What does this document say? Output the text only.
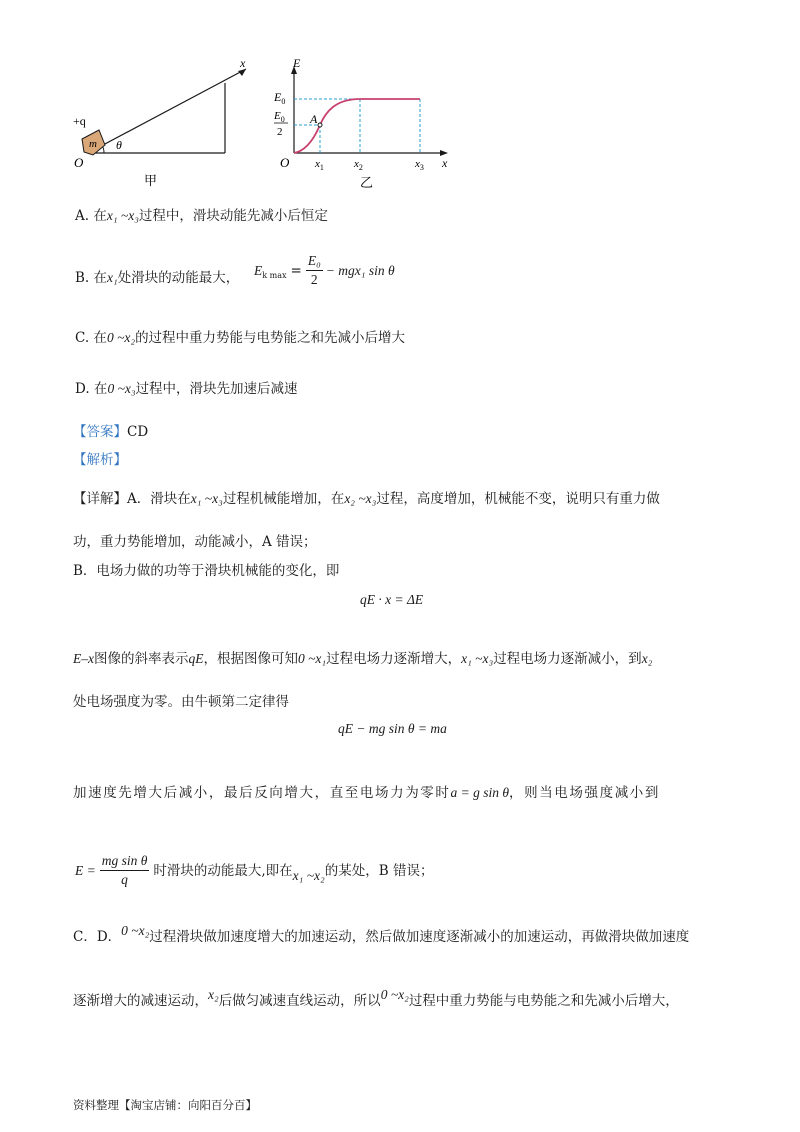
m
+q
O
θ
x
甲
A
E
x
O
$E_0$
$E_0$
2
$x_1$	$x_2$	$x_3$
乙
A. 在x₁ ~x₃过程中，滑块动能先减小后恒定
B. 在x₁处滑块的动能最大， $E_{k max} = \frac{\text{E₀}}{2} - mgx_1$ sin θ
C. 在0 ~x₂的过程中重力势能与电势能之和先减小后增大
D. 在0 ~x₃过程中，滑块先加速后减速
【答案】CD
【解析】
【详解】A．滑块在x₁ ~x₃过程机械能增加，在x₂ ~x₃过程，高度增加，机械能不变，说明只有重力做
功，重力势能增加，动能减小，A 错误；
B．电场力做的功等于滑块机械能的变化，即
qE · x = ΔE
E–x图像的斜率表示qE，根据图像可知0 ~x₁过程电场力逐渐增大，x₁ ~x₃过程电场力逐渐减小，到x₂
处电场强度为零。由牛顿第二定律得
qE − mg sin θ = ma
加速度先增大后减小，最后反向增大，直至电场力为零时a = g sin θ，则当电场强度减小到
$E = \frac{\text{mg sin θ}}{q}$ 时滑块的动能最大,即在 x₁ ~x₂ 的某处，B 错误；
C．D．0 ~x₂过程滑块做加速度增大的加速运动，然后做加速度逐渐减小的加速运动，再做滑块做加速度
逐渐增大的减速运动，x₂后做匀减速直线运动，所以0 ~x₂过程中重力势能与电势能之和先减小后增大，
资料整理【淘宝店铺：向阳百分百】
